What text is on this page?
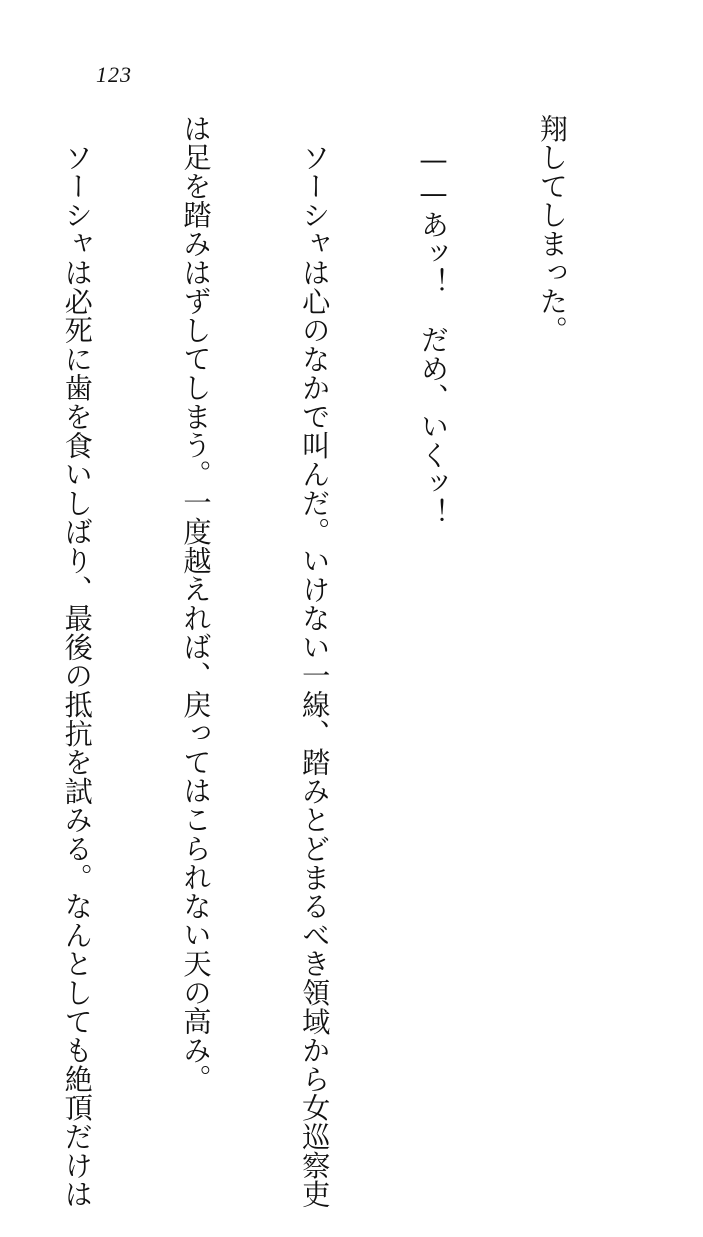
123

翔してしまった。

——あッ！　だめ、いくッ！

ソーシャは心のなかで叫んだ。いけない一線、踏みとどまるべき領域から女巡察吏

は足を踏みはずしてしまう。一度越えれば、戻ってはこられない天の高み。

ソーシャは必死に歯を食いしばり、最後の抵抗を試みる。なんとしても絶頂だけは
